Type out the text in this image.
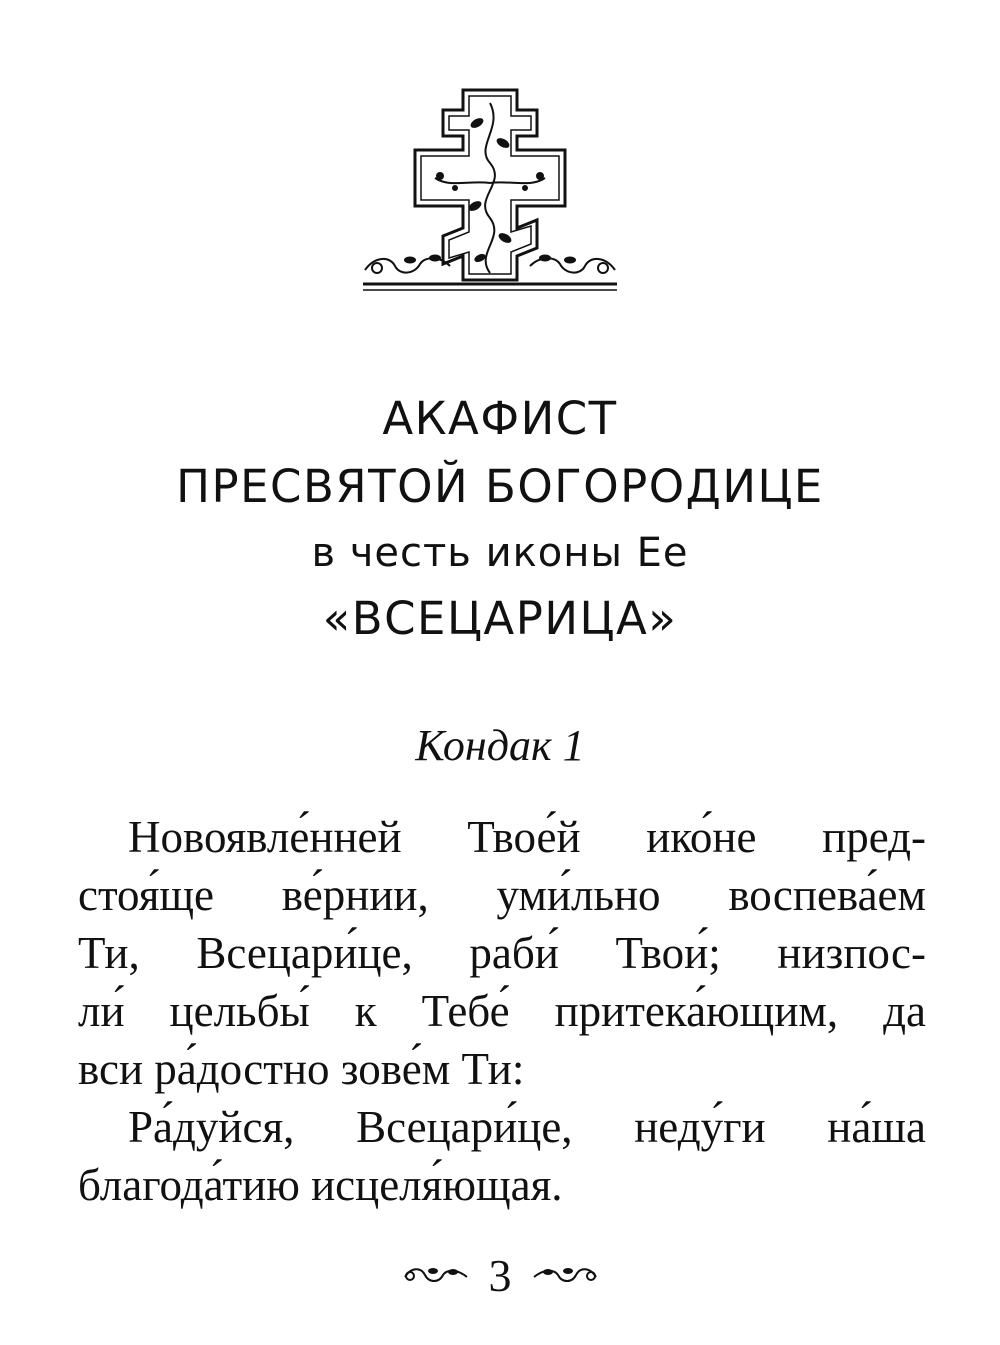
АКАФИСТ
ПРЕСВЯТОЙ БОГОРОДИЦЕ
в честь иконы Ее
«ВСЕЦАРИЦА»
Кондак 1
Новоявле́нней Твое́й ико́не пред-
стоя́ще ве́рнии, уми́льно воспева́ем
Ти, Всецари́це, раби́ Твои́; низпос-
ли́ цельбы́ к Тебе́ притека́ющим, да
вси ра́достно зове́м Ти:
Ра́дуйся, Всецари́це, неду́ги на́ша
благода́тию исцеля́ющая.
3
